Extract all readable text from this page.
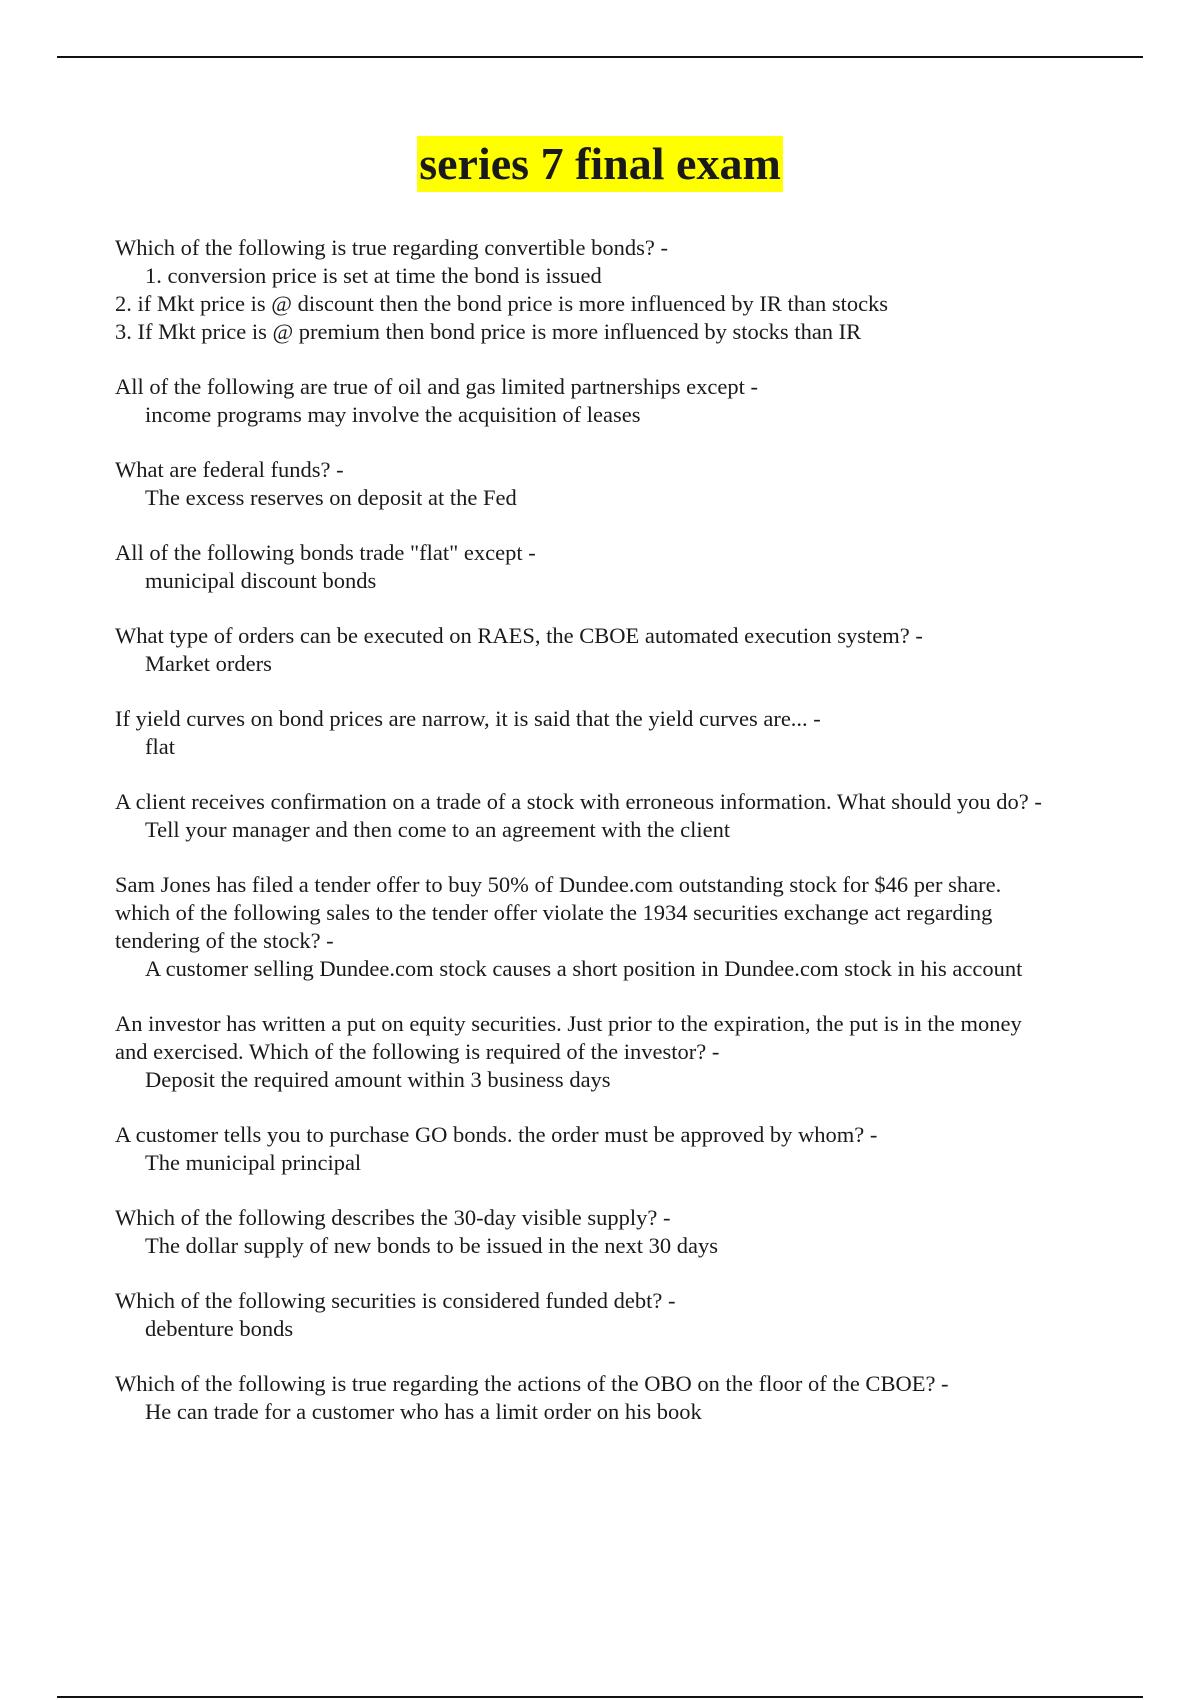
series 7 final exam
Which of the following is true regarding convertible bonds? -
1. conversion price is set at time the bond is issued
2. if Mkt price is @ discount then the bond price is more influenced by IR than stocks
3. If Mkt price is @ premium then bond price is more influenced by stocks than IR
All of the following are true of oil and gas limited partnerships except -
income programs may involve the acquisition of leases
What are federal funds? -
The excess reserves on deposit at the Fed
All of the following bonds trade "flat" except -
municipal discount bonds
What type of orders can be executed on RAES, the CBOE automated execution system? -
Market orders
If yield curves on bond prices are narrow, it is said that the yield curves are... -
flat
A client receives confirmation on a trade of a stock with erroneous information. What should you do? -
Tell your manager and then come to an agreement with the client
Sam Jones has filed a tender offer to buy 50% of Dundee.com outstanding stock for $46 per share.
which of the following sales to the tender offer violate the 1934 securities exchange act regarding
tendering of the stock? -
A customer selling Dundee.com stock causes a short position in Dundee.com stock in his account
An investor has written a put on equity securities. Just prior to the expiration, the put is in the money
and exercised. Which of the following is required of the investor? -
Deposit the required amount within 3 business days
A customer tells you to purchase GO bonds. the order must be approved by whom? -
The municipal principal
Which of the following describes the 30-day visible supply? -
The dollar supply of new bonds to be issued in the next 30 days
Which of the following securities is considered funded debt? -
debenture bonds
Which of the following is true regarding the actions of the OBO on the floor of the CBOE? -
He can trade for a customer who has a limit order on his book
